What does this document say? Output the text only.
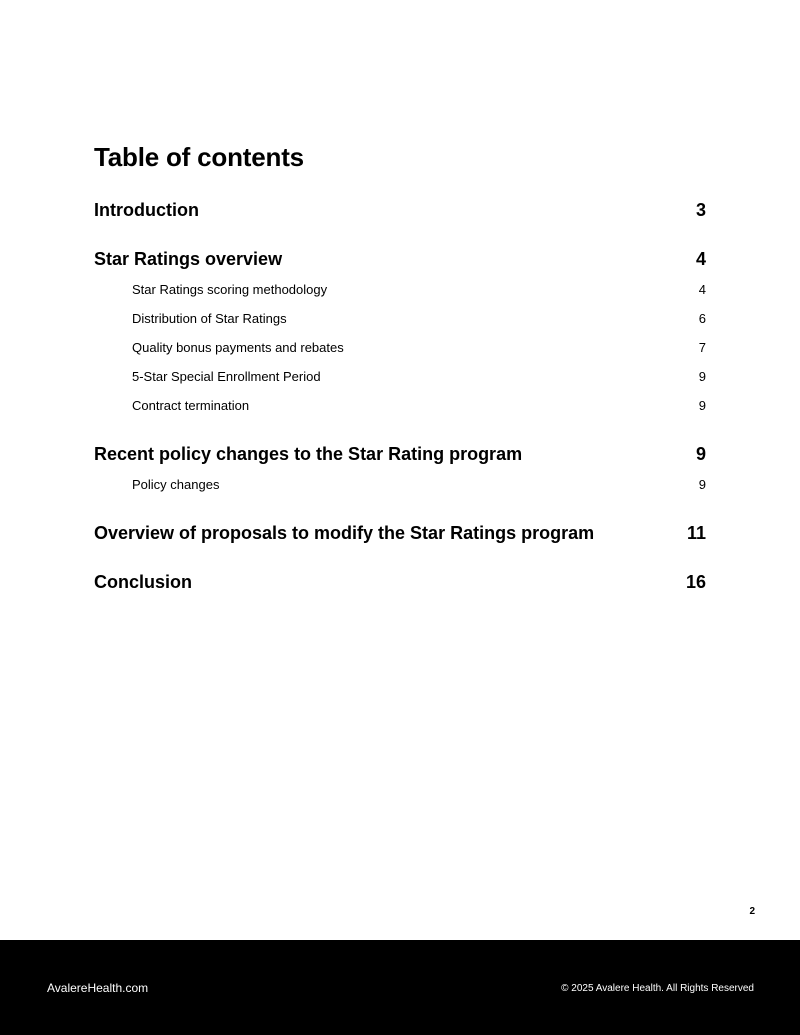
Table of contents
Introduction	3
Star Ratings overview	4
Star Ratings scoring methodology	4
Distribution of Star Ratings	6
Quality bonus payments and rebates	7
5-Star Special Enrollment Period	9
Contract termination	9
Recent policy changes to the Star Rating program	9
Policy changes	9
Overview of proposals to modify the Star Ratings program	11
Conclusion	16
2
AvalereHealth.com	© 2025 Avalere Health. All Rights Reserved
